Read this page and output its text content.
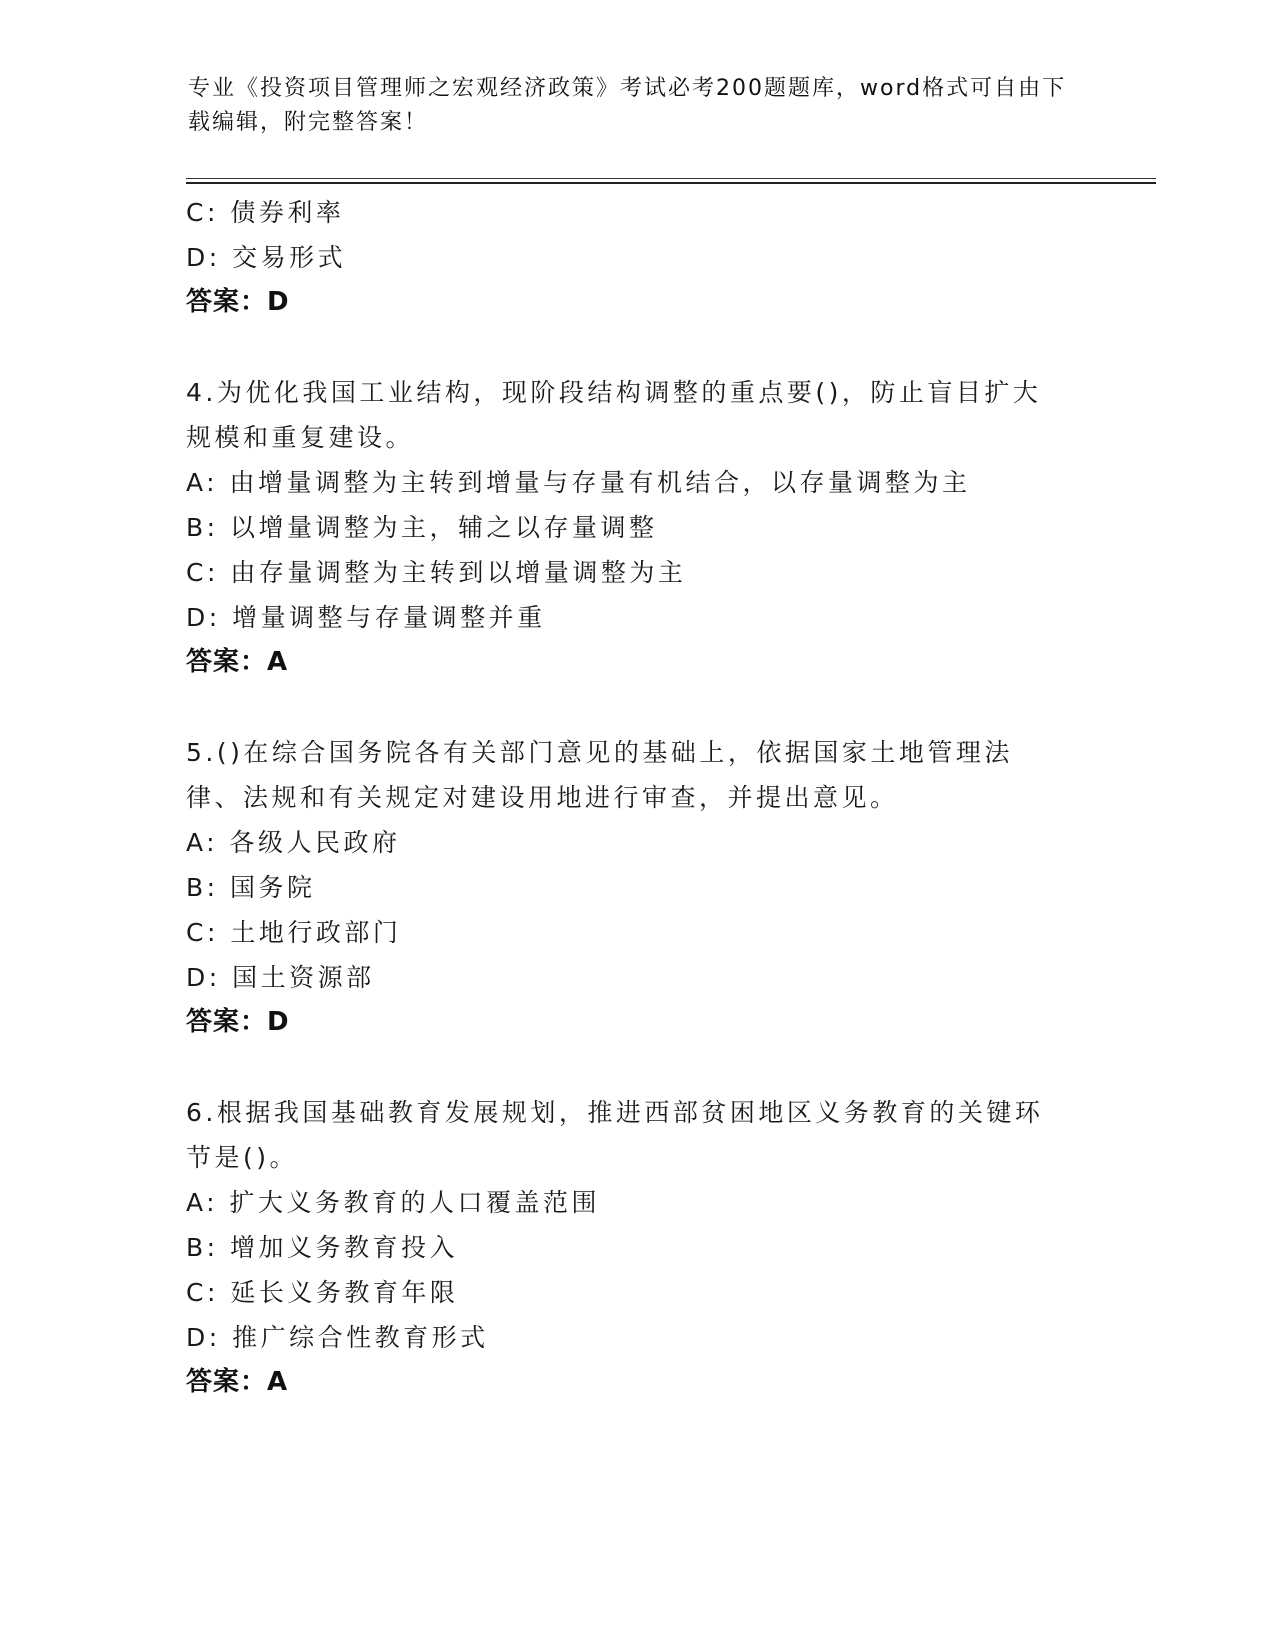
专业《投资项目管理师之宏观经济政策》考试必考200题题库，word格式可自由下载编辑，附完整答案！
C: 债券利率
D: 交易形式
答案：D
4.为优化我国工业结构，现阶段结构调整的重点要()，防止盲目扩大规模和重复建设。
A: 由增量调整为主转到增量与存量有机结合，以存量调整为主
B: 以增量调整为主，辅之以存量调整
C: 由存量调整为主转到以增量调整为主
D: 增量调整与存量调整并重
答案：A
5.()在综合国务院各有关部门意见的基础上，依据国家土地管理法律、法规和有关规定对建设用地进行审查，并提出意见。
A: 各级人民政府
B: 国务院
C: 土地行政部门
D: 国土资源部
答案：D
6.根据我国基础教育发展规划，推进西部贫困地区义务教育的关键环节是()。
A: 扩大义务教育的人口覆盖范围
B: 增加义务教育投入
C: 延长义务教育年限
D: 推广综合性教育形式
答案：A
